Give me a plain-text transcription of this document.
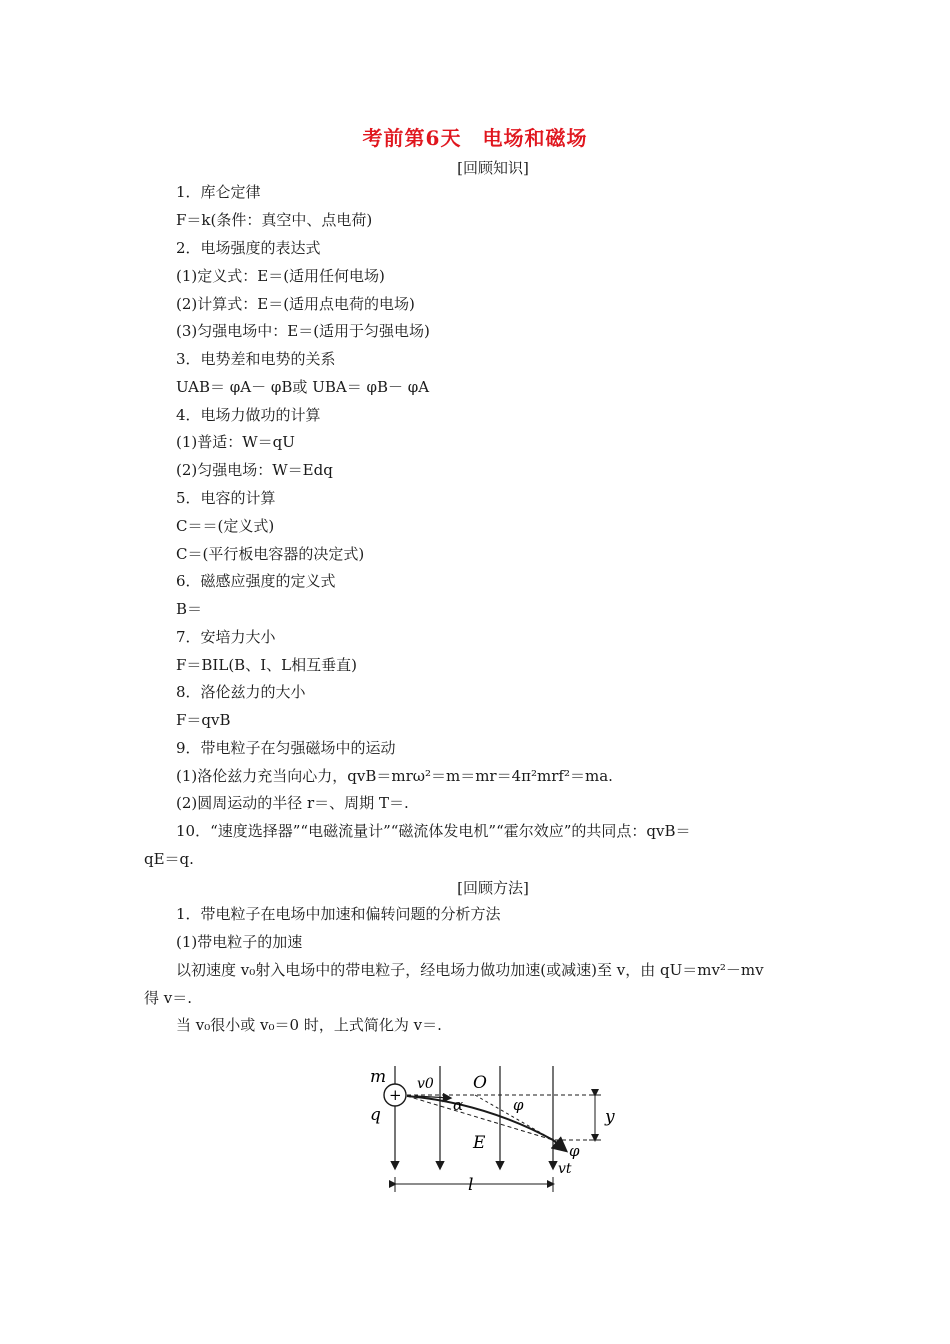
考前第6天　电场和磁场
[回顾知识]
1．库仑定律
F＝k(条件：真空中、点电荷)
2．电场强度的表达式
(1)定义式：E＝(适用任何电场)
(2)计算式：E＝(适用点电荷的电场)
(3)匀强电场中：E＝(适用于匀强电场)
3．电势差和电势的关系
UAB＝ φA－ φB或 UBA＝ φB－ φA
4．电场力做功的计算
(1)普适：W＝qU
(2)匀强电场：W＝Edq
5．电容的计算
C＝＝(定义式)
C＝(平行板电容器的决定式)
6．磁感应强度的定义式
B＝
7．安培力大小
F＝BIL(B、I、L相互垂直)
8．洛伦兹力的大小
F＝qvB
9．带电粒子在匀强磁场中的运动
(1)洛伦兹力充当向心力，qvB＝mrω²＝m＝mr＝4π²mrf²＝ma.
(2)圆周运动的半径 r＝、周期 T＝.
10．“速度选择器”“电磁流量计”“磁流体发电机”“霍尔效应”的共同点：qvB＝
qE＝q.
[回顾方法]
1．带电粒子在电场中加速和偏转问题的分析方法
(1)带电粒子的加速
以初速度 v₀射入电场中的带电粒子，经电场力做功加速(或减速)至 v，由 qU＝mv²－mv
得 v＝.
当 v₀很小或 v₀＝0 时，上式简化为 v＝.
+
m
q
v0 O
φ
α
y
E	φ
vt
l
